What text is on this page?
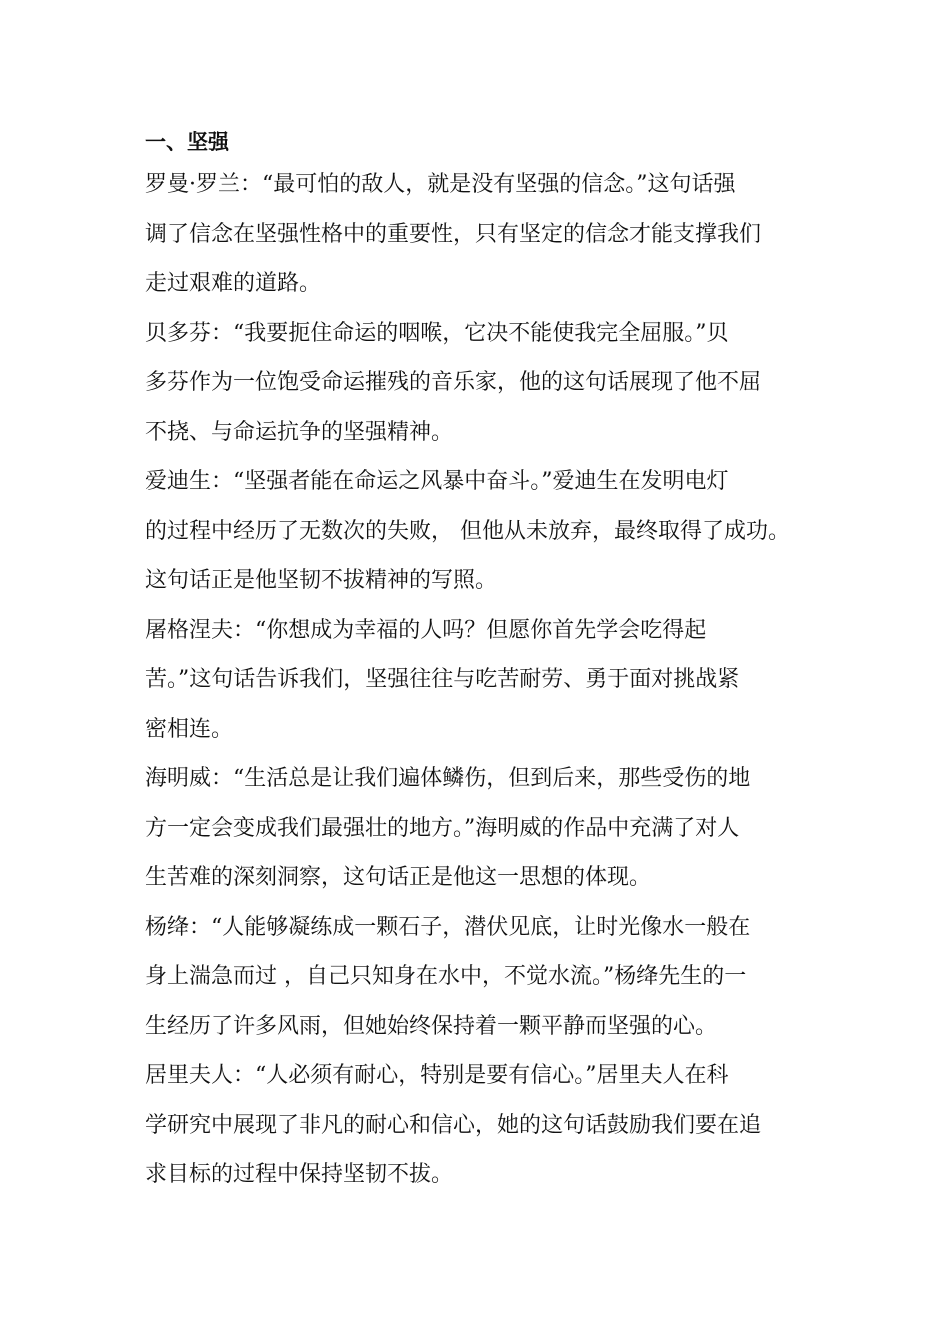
一、坚强

罗曼·罗兰：“最可怕的敌人，就是没有坚强的信念。”这句话强
调了信念在坚强性格中的重要性，只有坚定的信念才能支撑我们
走过艰难的道路。

贝多芬：“我要扼住命运的咽喉，它决不能使我完全屈服。”贝
多芬作为一位饱受命运摧残的音乐家，他的这句话展现了他不屈
不挠、与命运抗争的坚强精神。

爱迪生：“坚强者能在命运之风暴中奋斗。”爱迪生在发明电灯
的过程中经历了无数次的失败， 但他从未放弃，最终取得了成功。
这句话正是他坚韧不拔精神的写照。

屠格涅夫：“你想成为幸福的人吗？但愿你首先学会吃得起
苦。”这句话告诉我们，坚强往往与吃苦耐劳、勇于面对挑战紧
密相连。

海明威：“生活总是让我们遍体鳞伤，但到后来，那些受伤的地
方一定会变成我们最强壮的地方。”海明威的作品中充满了对人
生苦难的深刻洞察，这句话正是他这一思想的体现。

杨绛：“人能够凝练成一颗石子，潜伏见底，让时光像水一般在
身上湍急而过 ，自己只知身在水中，不觉水流。”杨绛先生的一
生经历了许多风雨，但她始终保持着一颗平静而坚强的心。

居里夫人：“人必须有耐心，特别是要有信心。”居里夫人在科
学研究中展现了非凡的耐心和信心，她的这句话鼓励我们要在追
求目标的过程中保持坚韧不拔。
